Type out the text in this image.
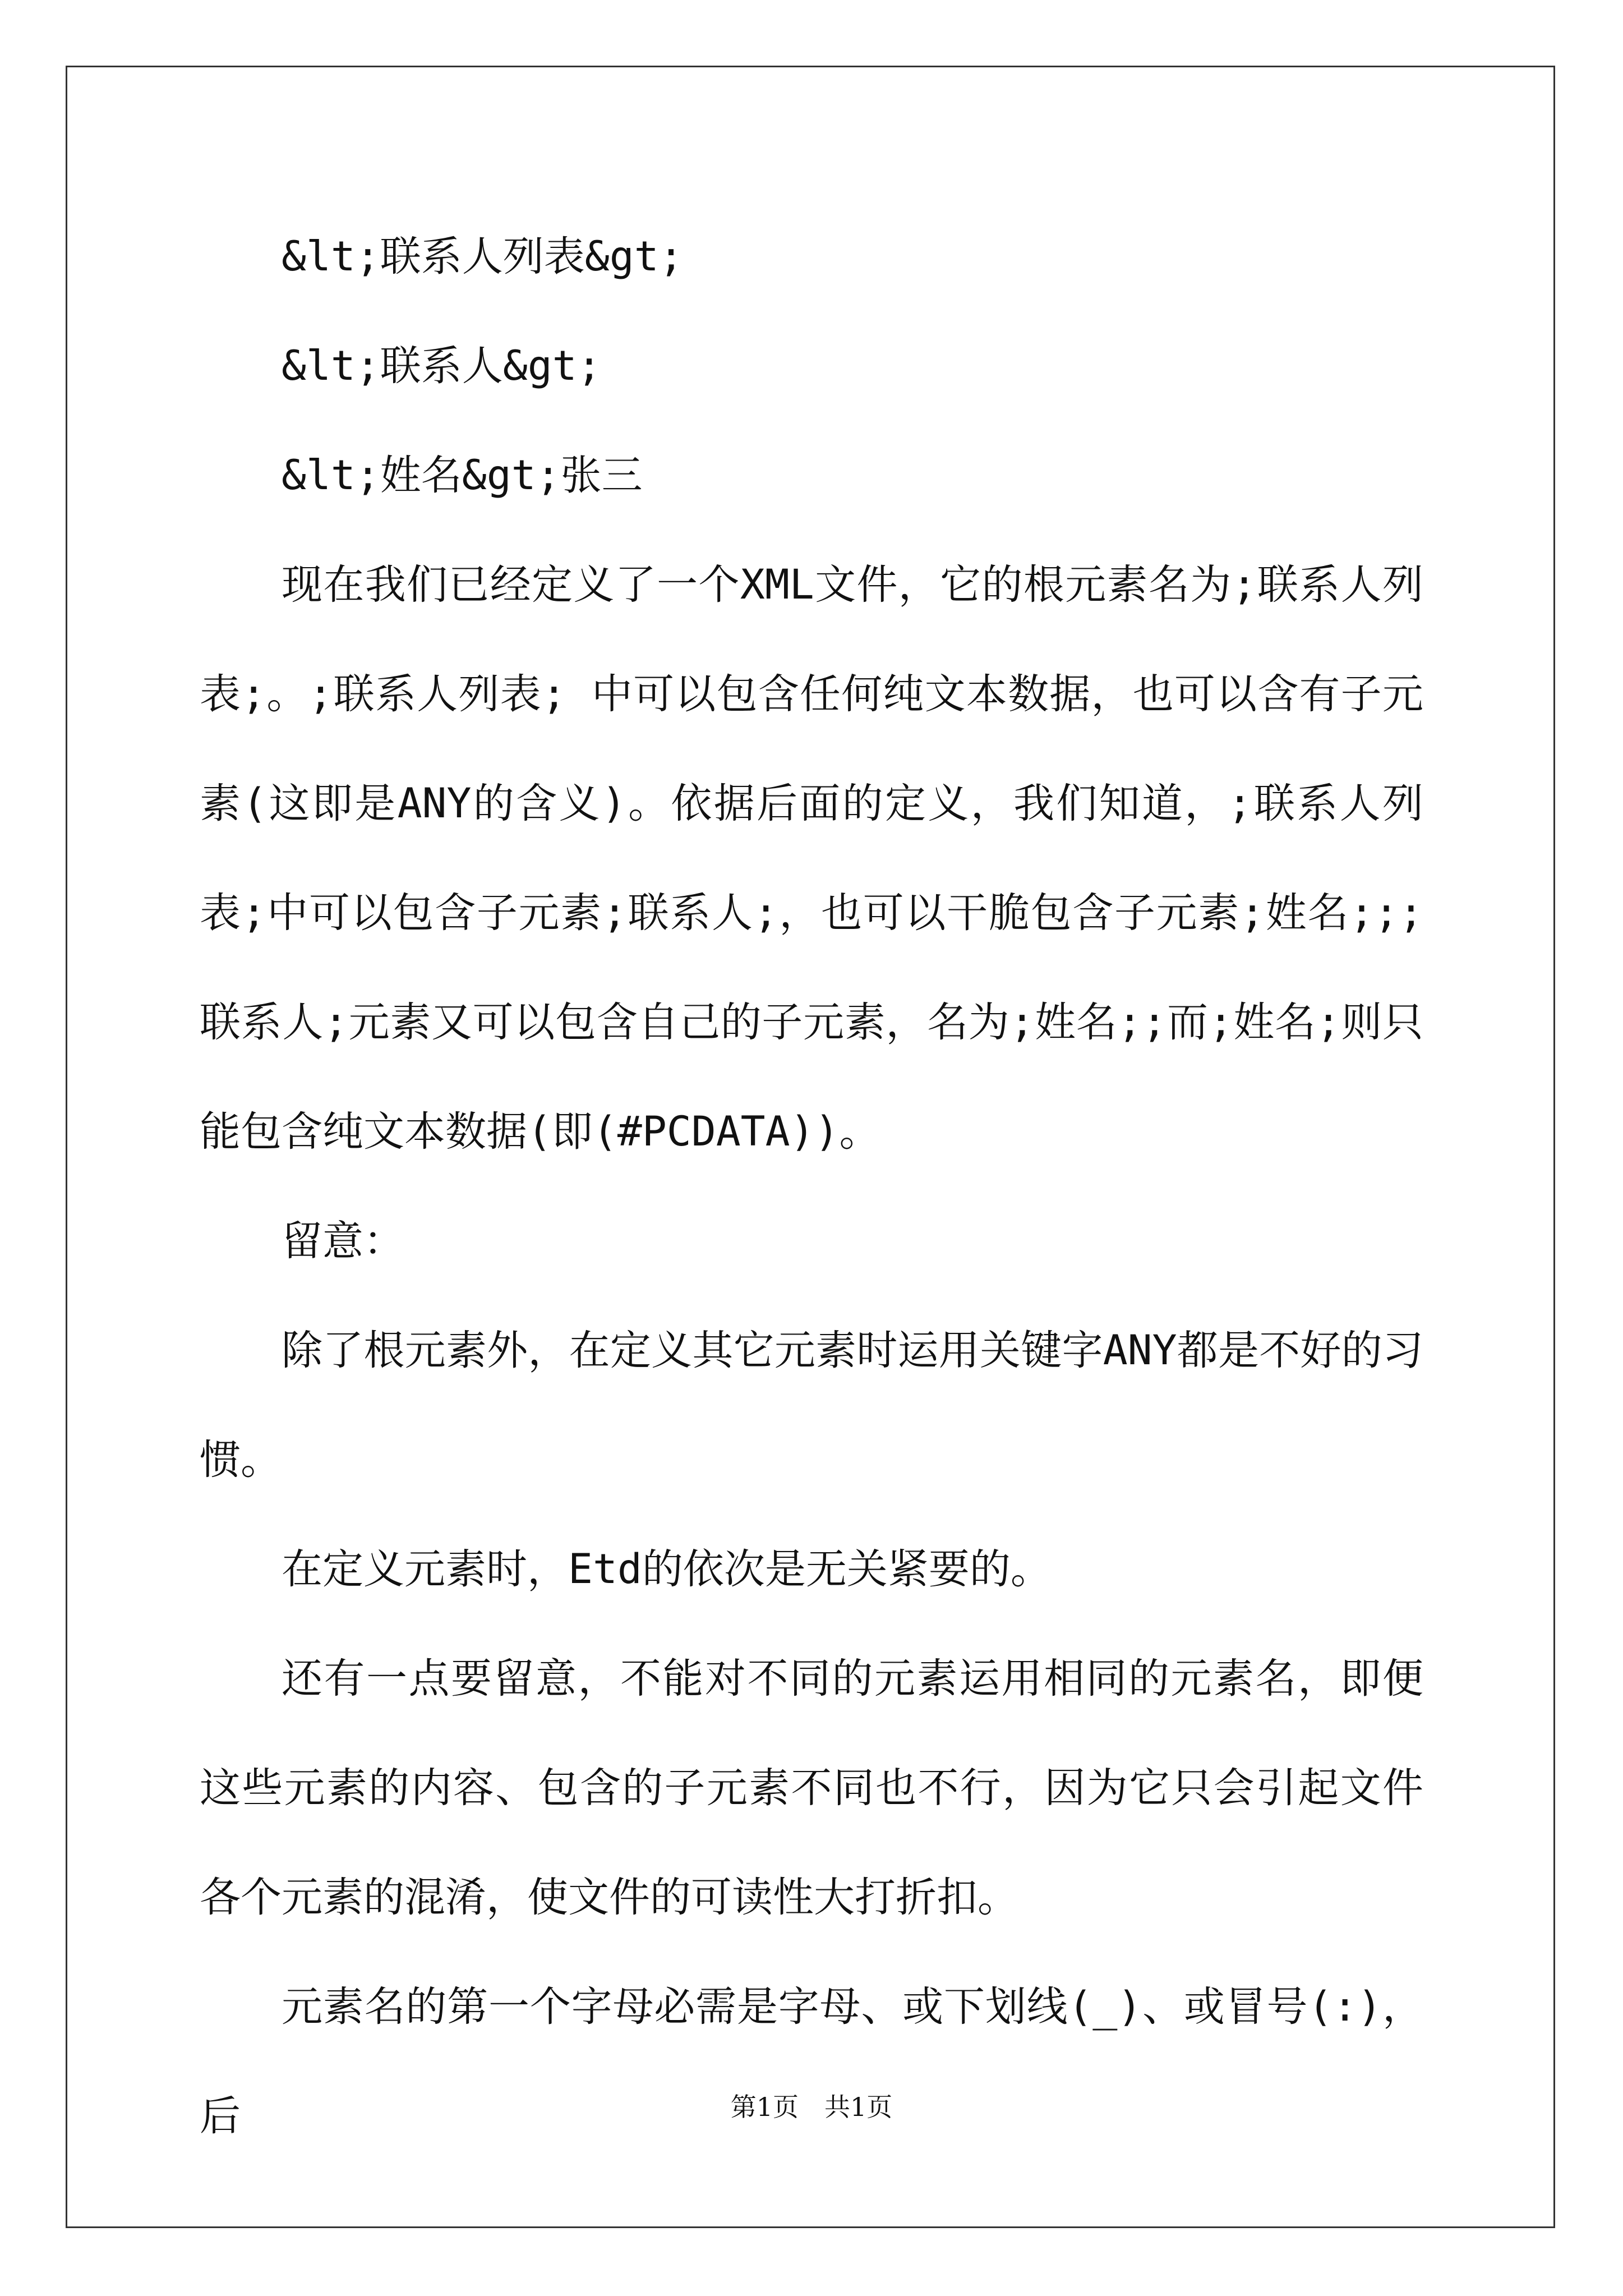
&lt;联系人列表&gt;

&lt;联系人&gt;

&lt;姓名&gt;张三

现在我们已经定义了一个XML文件，它的根元素名为;联系人列表;。;联系人列表; 中可以包含任何纯文本数据，也可以含有子元素(这即是ANY的含义)。依据后面的定义，我们知道，;联系人列表;中可以包含子元素;联系人;，也可以干脆包含子元素;姓名;;;联系人;元素又可以包含自己的子元素，名为;姓名;;而;姓名;则只能包含纯文本数据(即(#PCDATA))。

留意：

除了根元素外，在定义其它元素时运用关键字ANY都是不好的习惯。

在定义元素时，Etd的依次是无关紧要的。

还有一点要留意，不能对不同的元素运用相同的元素名，即便这些元素的内容、包含的子元素不同也不行，因为它只会引起文件各个元素的混淆，使文件的可读性大打折扣。

元素名的第一个字母必需是字母、或下划线(_)、或冒号(:)，后	第1页　共1页
